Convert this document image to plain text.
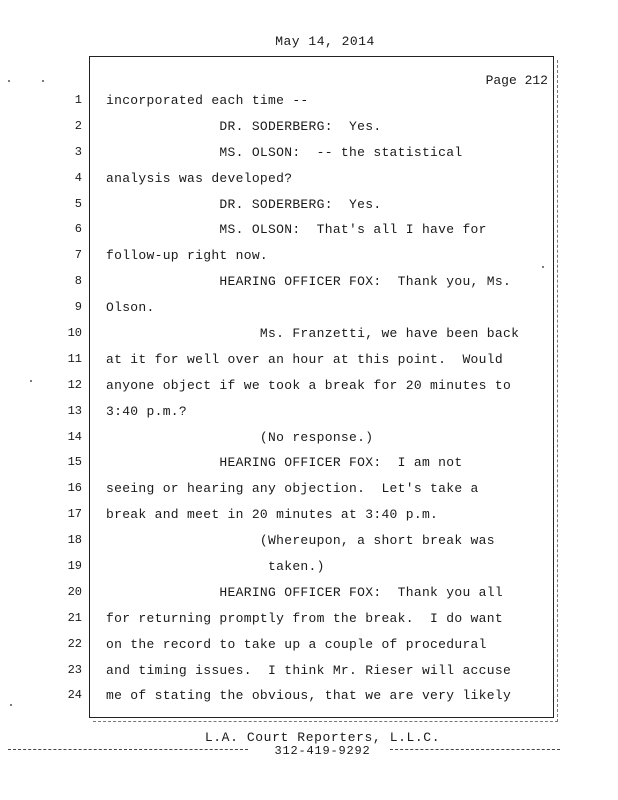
May 14, 2014
Page 212
1
2
3
4
5
6
7
8
9
10
11
12
13
14
15
16
17
18
19
20
21
22
23
24
incorporated each time --
DR. SODERBERG:  Yes.
MS. OLSON:  -- the statistical
analysis was developed?
DR. SODERBERG:  Yes.
MS. OLSON:  That's all I have for
follow-up right now.
HEARING OFFICER FOX:  Thank you, Ms.
Olson.
Ms. Franzetti, we have been back
at it for well over an hour at this point.  Would
anyone object if we took a break for 20 minutes to
3:40 p.m.?
(No response.)
HEARING OFFICER FOX:  I am not
seeing or hearing any objection.  Let's take a
break and meet in 20 minutes at 3:40 p.m.
(Whereupon, a short break was
taken.)
HEARING OFFICER FOX:  Thank you all
for returning promptly from the break.  I do want
on the record to take up a couple of procedural
and timing issues.  I think Mr. Rieser will accuse
me of stating the obvious, that we are very likely
L.A. Court Reporters, L.L.C.
312-419-9292
